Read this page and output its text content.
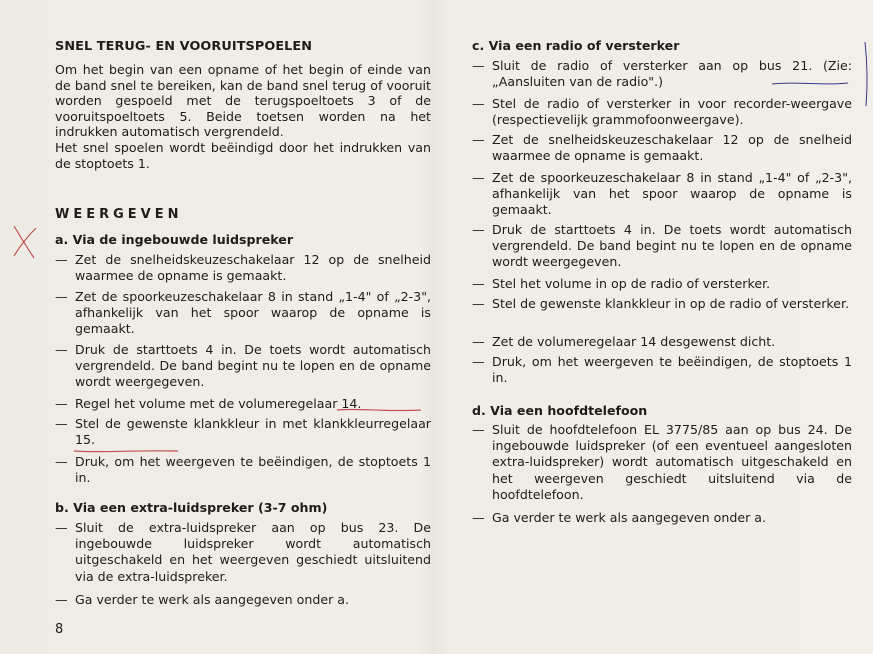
SNEL TERUG- EN VOORUITSPOELEN
Om het begin van een opname of het begin of einde van de band snel te bereiken, kan de band snel terug of vooruit worden gespoeld met de terugspoeltoets 3 of de vooruitspoeltoets 5. Beide toetsen worden na het indrukken automatisch vergrendeld.
Het snel spoelen wordt beëindigd door het indrukken van de stoptoets 1.
WEERGEVEN
a. Via de ingebouwde luidspreker
— Zet de snelheidskeuzeschakelaar 12 op de snelheid waarmee de opname is gemaakt.
— Zet de spoorkeuzeschakelaar 8 in stand „1-4" of „2-3", afhankelijk van het spoor waarop de opname is gemaakt.
— Druk de starttoets 4 in. De toets wordt automatisch vergrendeld. De band begint nu te lopen en de opname wordt weergegeven.
— Regel het volume met de volumeregelaar 14.
— Stel de gewenste klankkleur in met klankkleurregelaar 15.
— Druk, om het weergeven te beëindigen, de stoptoets 1 in.
b. Via een extra-luidspreker (3-7 ohm)
— Sluit de extra-luidspreker aan op bus 23. De ingebouwde luidspreker wordt automatisch uitgeschakeld en het weergeven geschiedt uitsluitend via de extra-luidspreker.
— Ga verder te werk als aangegeven onder a.
8
c. Via een radio of versterker
— Sluit de radio of versterker aan op bus 21. (Zie: „Aansluiten van de radio".)
— Stel de radio of versterker in voor recorder-weergave (respectievelijk grammofoonweergave).
— Zet de snelheidskeuzeschakelaar 12 op de snelheid waarmee de opname is gemaakt.
— Zet de spoorkeuzeschakelaar 8 in stand „1-4" of „2-3", afhankelijk van het spoor waarop de opname is gemaakt.
— Druk de starttoets 4 in. De toets wordt automatisch vergrendeld. De band begint nu te lopen en de opname wordt weergegeven.
— Stel het volume in op de radio of versterker.
— Stel de gewenste klankkleur in op de radio of versterker.
— Zet de volumeregelaar 14 desgewenst dicht.
— Druk, om het weergeven te beëindigen, de stoptoets 1 in.
d. Via een hoofdtelefoon
— Sluit de hoofdtelefoon EL 3775/85 aan op bus 24. De ingebouwde luidspreker (of een eventueel aangesloten extra-luidspreker) wordt automatisch uitgeschakeld en het weergeven geschiedt uitsluitend via de hoofdtelefoon.
— Ga verder te werk als aangegeven onder a.
